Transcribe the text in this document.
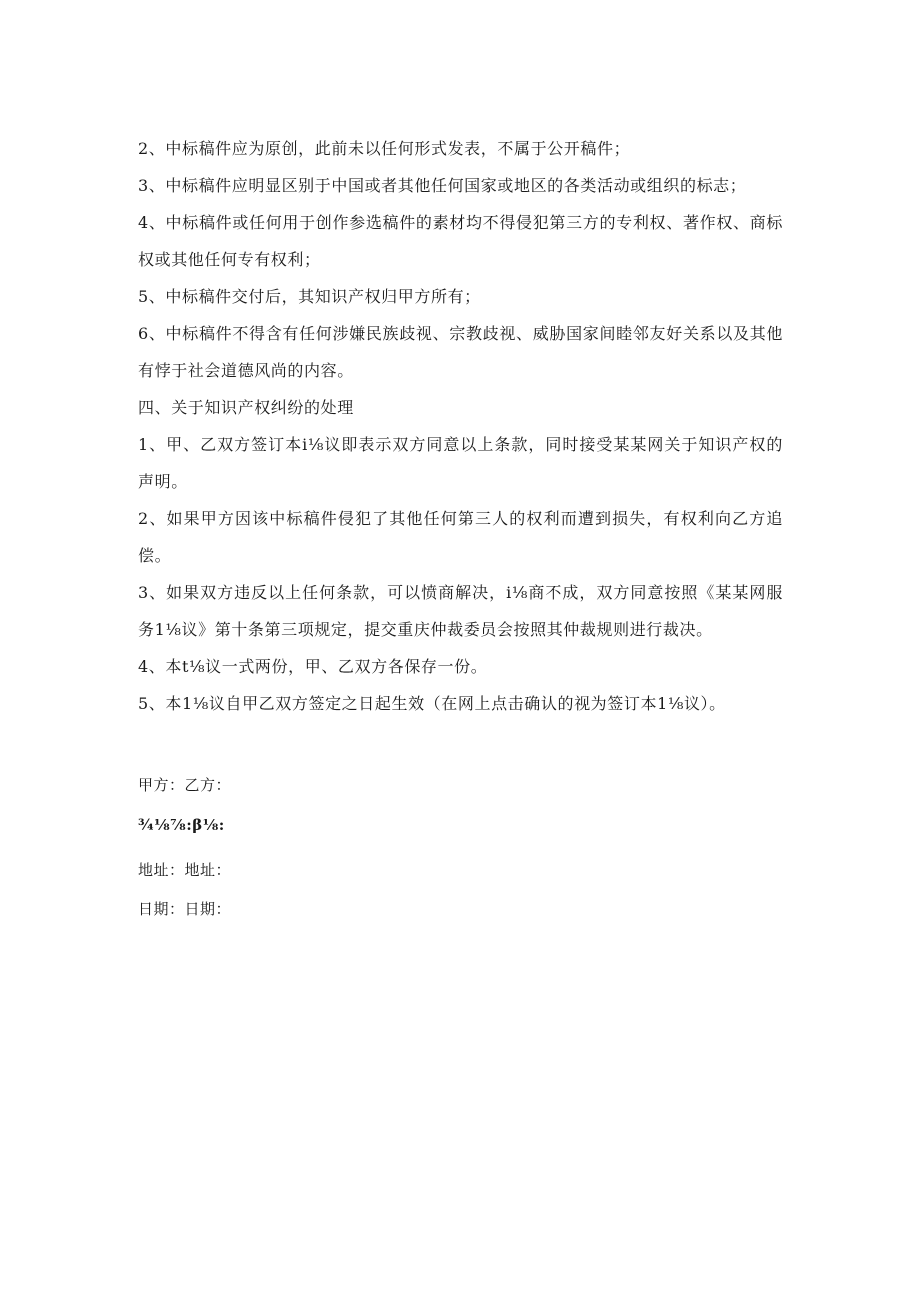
2、中标稿件应为原创，此前未以任何形式发表，不属于公开稿件；

3、中标稿件应明显区别于中国或者其他任何国家或地区的各类活动或组织的标志；

4、中标稿件或任何用于创作参选稿件的素材均不得侵犯第三方的专利权、著作权、商标权或其他任何专有权利；

5、中标稿件交付后，其知识产权归甲方所有；

6、中标稿件不得含有任何涉嫌民族歧视、宗教歧视、威胁国家间睦邻友好关系以及其他有悖于社会道德风尚的内容。

四、关于知识产权纠纷的处理

1、甲、乙双方签订本i⅛议即表示双方同意以上条款，同时接受某某网关于知识产权的声明。

2、如果甲方因该中标稿件侵犯了其他任何第三人的权利而遭到损失，有权利向乙方追偿。

3、如果双方违反以上任何条款，可以愤商解决，i⅛商不成，双方同意按照《某某网服务1⅛议》第十条第三项规定，提交重庆仲裁委员会按照其仲裁规则进行裁决。

4、本t⅛议一式两份，甲、乙双方各保存一份。

5、本1⅛议自甲乙双方签定之日起生效（在网上点击确认的视为签订本1⅛议）。

甲方：乙方：

¾⅛⅞:β⅛:

地址：地址：

日期：日期：
